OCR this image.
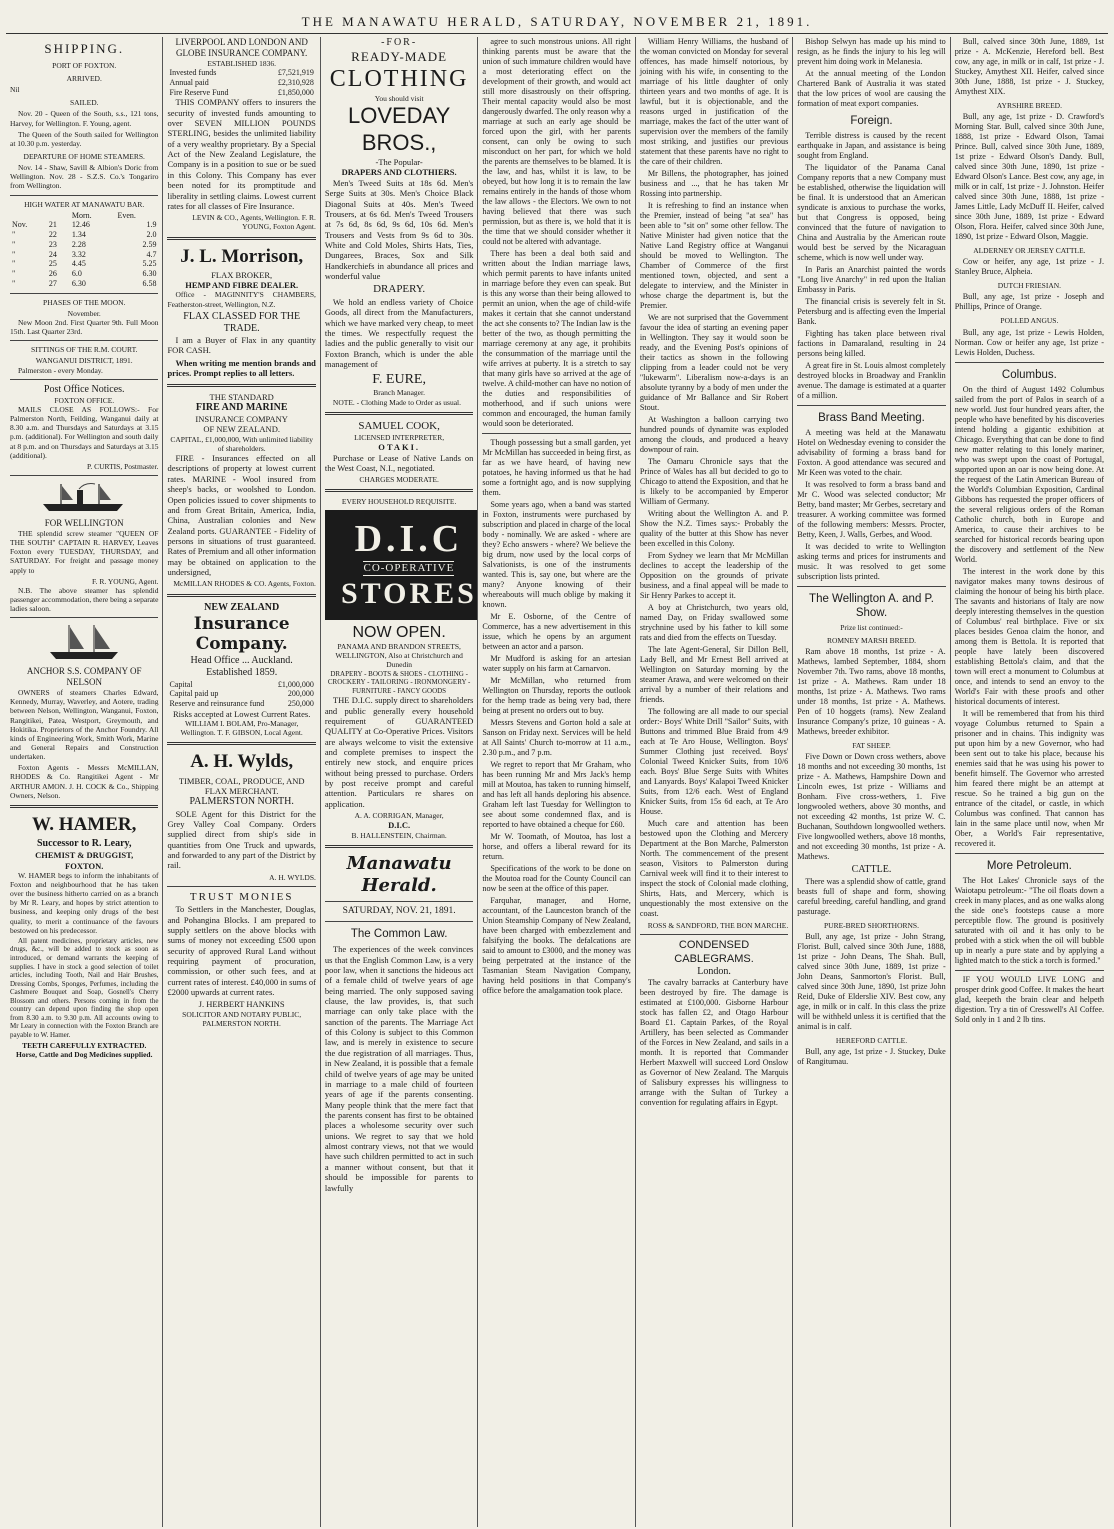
THE MANAWATU HERALD, SATURDAY, NOVEMBER 21, 1891.
SHIPPING.
PORT OF FOXTON.
ARRIVED.
Nil
SAILED.

Nov. 20 - Queen of the South, s.s., 121 tons, Harvey, for Wellington. F. Young, agent.

The Queen of the South sailed for Wellington at 10.30 p.m. yesterday.

DEPARTURE OF HOME STEAMERS.

Nov. 14 - Shaw, Savill & Albion's Doric from Wellington. Nov. 28 - S.Z.S. Co.'s Tongariro from Wellington.

HIGH WATER AT MANAWATU BAR.
		Morn.	Even.
Nov.	21	12.46	1.9
"	22	1.34	2.0
"	23	2.28	2.59
"	24	3.32	4.7
"	25	4.45	5.25
"	26	6.0	6.30
"	27	6.30	6.58
PHASES OF THE MOON.
November.

New Moon 2nd. First Quarter 9th. Full Moon 15th. Last Quarter 23rd.

SITTINGS OF THE R.M. COURT.
WANGANUI DISTRICT, 1891.

Palmerston - every Monday.

Post Office Notices.
FOXTON OFFICE.

MAILS CLOSE AS FOLLOWS:- For Palmerston North, Feilding, Wanganui daily at 8.30 a.m. and Thursdays and Saturdays at 3.15 p.m. (additional). For Wellington and south daily at 8 p.m. and on Thursdays and Saturdays at 3.15 (additional).

P. CURTIS, Postmaster.
FOR WELLINGTON

THE splendid screw steamer "QUEEN OF THE SOUTH" CAPTAIN R. HARVEY, Leaves Foxton every TUESDAY, THURSDAY, and SATURDAY. For freight and passage money apply to

F. R. YOUNG, Agent.

N.B. The above steamer has splendid passenger accommodation, there being a separate ladies saloon.

ANCHOR S.S. COMPANY OF NELSON

OWNERS of steamers Charles Edward, Kennedy, Murray, Waverley, and Aotere, trading between Nelson, Wellington, Wanganui, Foxton, Rangitikei, Patea, Westport, Greymouth, and Hokitika. Proprietors of the Anchor Foundry. All kinds of Engineering Work, Smith Work, Marine and General Repairs and Construction undertaken.

Foxton Agents - Messrs McMILLAN, RHODES & Co. Rangitikei Agent - Mr ARTHUR AMON. J. H. COCK & Co., Shipping Owners, Nelson.

W. HAMER,
Successor to R. Leary,
CHEMIST & DRUGGIST,
FOXTON.

W. HAMER begs to inform the inhabitants of Foxton and neighbourhood that he has taken over the business hitherto carried on as a branch by Mr R. Leary, and hopes by strict attention to business, and keeping only drugs of the best quality, to merit a continuance of the favours bestowed on his predecessor.

All patent medicines, proprietary articles, new drugs, &c., will be added to stock as soon as introduced, or demand warrants the keeping of supplies. I have in stock a good selection of toilet articles, including Tooth, Nail and Hair Brushes, Dressing Combs, Sponges, Perfumes, including the Cashmere Bouquet and Soap, Gosnell's Cherry Blossom and others. Persons coming in from the country can depend upon finding the shop open from 8.30 a.m. to 9.30 p.m. All accounts owing to Mr Leary in connection with the Foxton Branch are payable to W. Hamer.

TEETH CAREFULLY EXTRACTED.
Horse, Cattle and Dog Medicines supplied.
LIVERPOOL AND LONDON AND GLOBE INSURANCE COMPANY.
ESTABLISHED 1836.
Invested funds	£7,521,919
Annual paid	£2,310,928
Fire Reserve Fund	£1,850,000

THIS COMPANY offers to insurers the security of invested funds amounting to over SEVEN MILLION POUNDS STERLING, besides the unlimited liability of a very wealthy proprietary. By a Special Act of the New Zealand Legislature, the Company is in a position to sue or be sued in this Colony. This Company has ever been noted for its promptitude and liberality in settling claims. Lowest current rates for all classes of Fire Insurance.

LEVIN & CO., Agents, Wellington. F. R. YOUNG, Foxton Agent.
J. L. Morrison,
FLAX BROKER,
HEMP AND FIBRE DEALER.

Office - MAGINNITY'S CHAMBERS, Featherston-street, Wellington, N.Z.

FLAX CLASSED FOR THE TRADE.

I am a Buyer of Flax in any quantity FOR CASH.

When writing me mention brands and prices. Prompt replies to all letters.

THE STANDARD
FIRE AND MARINE
INSURANCE COMPANY
OF NEW ZEALAND.
CAPITAL, £1,000,000, With unlimited liability of shareholders.

FIRE - Insurances effected on all descriptions of property at lowest current rates. MARINE - Wool insured from sheep's backs, or woolshed to London. Open policies issued to cover shipments to and from Great Britain, America, India, China, Australian colonies and New Zealand ports. GUARANTEE - Fidelity of persons in situations of trust guaranteed. Rates of Premium and all other information may be obtained on application to the undersigned,

McMILLAN RHODES & CO. Agents, Foxton.
NEW ZEALAND
Insurance Company.
Head Office ... Auckland.
Established 1859.
Capital	£1,000,000
Capital paid up	200,000
Reserve and reinsurance fund	250,000
Risks accepted at Lowest Current Rates.
WILLIAM I. BOLAM, Pro-Manager, Wellington. T. F. GIBSON, Local Agent.
A. H. Wylds,
TIMBER, COAL, PRODUCE, AND FLAX MERCHANT.
PALMERSTON NORTH.

SOLE Agent for this District for the Grey Valley Coal Company. Orders supplied direct from ship's side in quantities from One Truck and upwards, and forwarded to any part of the District by rail.

A. H. WYLDS.
TRUST MONIES

To Settlers in the Manchester, Douglas, and Pohangina Blocks. I am prepared to supply settlers on the above blocks with sums of money not exceeding £500 upon security of approved Rural Land without requiring payment of procuration, commission, or other such fees, and at current rates of interest. £40,000 in sums of £2000 upwards at current rates.

J. HERBERT HANKINS
SOLICITOR AND NOTARY PUBLIC,
PALMERSTON NORTH.
-FOR-
READY-MADE
CLOTHING
You should visit
LOVEDAY BROS.,
-The Popular-
DRAPERS AND CLOTHIERS.

Men's Tweed Suits at 18s 6d. Men's Serge Suits at 30s. Men's Choice Black Diagonal Suits at 40s. Men's Tweed Trousers, at 6s 6d. Men's Tweed Trousers at 7s 6d, 8s 6d, 9s 6d, 10s 6d. Men's Trousers and Vests from 9s 6d to 30s. White and Cold Moles, Shirts Hats, Ties, Dungarees, Braces, Sox and Silk Handkerchiefs in abundance all prices and wonderful value

DRAPERY.

We hold an endless variety of Choice Goods, all direct from the Manufacturers, which we have marked very cheap, to meet the times. We respectfully request the ladies and the public generally to visit our Foxton Branch, which is under the able management of

F. EURE,
Branch Manager.

NOTE. - Clothing Made to Order as usual.

SAMUEL COOK,
LICENSED INTERPRETER,
OTAKI.

Purchase or Lease of Native Lands on the West Coast, N.I., negotiated.

CHARGES MODERATE.
EVERY HOUSEHOLD REQUISITE.
D.I.C
CO-OPERATIVE
STORES
NOW OPEN.
PANAMA AND BRANDON STREETS, WELLINGTON, Also at Christchurch and Dunedin
DRAPERY - BOOTS & SHOES - CLOTHING - CROCKERY - TAILORING - IRONMONGERY - FURNITURE - FANCY GOODS

THE D.I.C. supply direct to shareholders and public generally every household requirement of GUARANTEED QUALITY at Co-Operative Prices. Visitors are always welcome to visit the extensive and complete premises to inspect the entirely new stock, and enquire prices without being pressed to purchase. Orders by post receive prompt and careful attention. Particulars re shares on application.

A. A. CORRIGAN, Manager,
D.I.C.
B. HALLENSTEIN, Chairman.
Manawatu Herald.
SATURDAY, NOV. 21, 1891.
The Common Law.

The experiences of the week convinces us that the English Common Law, is a very poor law, when it sanctions the hideous act of a female child of twelve years of age being married. The only supposed saving clause, the law provides, is, that such marriage can only take place with the sanction of the parents. The Marriage Act of this Colony is subject to this Common law, and is merely in existence to secure the due registration of all marriages. Thus, in New Zealand, it is possible that a female child of twelve years of age may be united in marriage to a male child of fourteen years of age if the parents consenting. Many people think that the mere fact that the parents consent has first to be obtained places a wholesome security over such unions. We regret to say that we hold almost contrary views, not that we would have such children permitted to act in such a manner without consent, but that it should be impossible for parents to lawfully

agree to such monstrous unions. All right thinking parents must be aware that the union of such immature children would have a most deteriorating effect on the development of their growth, and would act still more disastrously on their offspring. Their mental capacity would also be most dangerously dwarfed. The only reason why a marriage at such an early age should be forced upon the girl, with her parents consent, can only be owing to such misconduct on her part, for which we hold the parents are themselves to be blamed. It is the law, and has, whilst it is law, to be obeyed, but how long it is to remain the law remains entirely in the hands of those whom the law allows - the Electors. We own to not having believed that there was such permission, but as there is, we hold that it is the time that we should consider whether it could not be altered with advantage.

There has been a deal both said and written about the Indian marriage laws, which permit parents to have infants united in marriage before they even can speak. But is this any worse than their being allowed to permit an union, when the age of child-wife makes it certain that she cannot understand the act she consents to? The Indian law is the better of the two, as though permitting the marriage ceremony at any age, it prohibits the consummation of the marriage until the wife arrives at puberty. It is a stretch to say that many girls have so arrived at the age of twelve. A child-mother can have no notion of the duties and responsibilities of motherhood, and if such unions were common and encouraged, the human family would soon be deteriorated.

Though possessing but a small garden, yet Mr McMillan has succeeded in being first, as far as we have heard, of having new potatoes, he having informed us that he had some a fortnight ago, and is now supplying them.

Some years ago, when a band was started in Foxton, instruments were purchased by subscription and placed in charge of the local body - nominally. We are asked - where are they? Echo answers - where? We believe the big drum, now used by the local corps of Salvationists, is one of the instruments wanted. This is, say one, but where are the many? Anyone knowing of their whereabouts will much oblige by making it known.

Mr E. Osborne, of the Centre of Commerce, has a new advertisement in this issue, which he opens by an argument between an actor and a parson.

Mr Mudford is asking for an artesian water supply on his farm at Carnarvon.

Mr McMillan, who returned from Wellington on Thursday, reports the outlook for the hemp trade as being very bad, there being at present no orders out to buy.

Messrs Stevens and Gorton hold a sale at Sanson on Friday next. Services will be held at All Saints' Church to-morrow at 11 a.m., 2.30 p.m., and 7 p.m.

We regret to report that Mr Graham, who has been running Mr and Mrs Jack's hemp mill at Moutoa, has taken to running himself, and has left all hands deploring his absence. Graham left last Tuesday for Wellington to see about some condemned flax, and is reported to have obtained a cheque for £60.

Mr W. Toomath, of Moutoa, has lost a horse, and offers a liberal reward for its return.

Specifications of the work to be done on the Moutoa road for the County Council can now be seen at the office of this paper.

Farquhar, manager, and Horne, accountant, of the Launceston branch of the Union Steamship Company of New Zealand, have been charged with embezzlement and falsifying the books. The defalcations are said to amount to £3000, and the money was being perpetrated at the instance of the Tasmanian Steam Navigation Company, having held positions in that Company's office before the amalgamation took place.

William Henry Williams, the husband of the woman convicted on Monday for several offences, has made himself notorious, by joining with his wife, in consenting to the marriage of his little daughter of only thirteen years and two months of age. It is lawful, but it is objectionable, and the reasons urged in justification of the marriage, makes the fact of the utter want of supervision over the members of the family most striking, and justifies our previous statement that these parents have no right to the care of their children.

Mr Billens, the photographer, has joined business and ..., that he has taken Mr Rossing into partnership.

It is refreshing to find an instance when the Premier, instead of being "at sea" has been able to "sit on" some other fellow. The Native Minister had given notice that the Native Land Registry office at Wanganui should be moved to Wellington. The Chamber of Commerce of the first mentioned town, objected, and sent a delegate to interview, and the Minister in whose charge the department is, but the Premier.

We are not surprised that the Government favour the idea of starting an evening paper in Wellington. They say it would soon be ready, and the Evening Post's opinions of their tactics as shown in the following clipping from a leader could not be very "lukewarm". Liberalism now-a-days is an absolute tyranny by a body of men under the guidance of Mr Ballance and Sir Robert Stout.

At Washington a balloon carrying two hundred pounds of dynamite was exploded among the clouds, and produced a heavy downpour of rain.

The Oamaru Chronicle says that the Prince of Wales has all but decided to go to Chicago to attend the Exposition, and that he is likely to be accompanied by Emperor William of Germany.

Writing about the Wellington A. and P. Show the N.Z. Times says:- Probably the quality of the butter at this Show has never been excelled in this Colony.

From Sydney we learn that Mr McMillan declines to accept the leadership of the Opposition on the grounds of private business, and a final appeal will be made to Sir Henry Parkes to accept it.

A boy at Christchurch, two years old, named Day, on Friday swallowed some strychnine used by his father to kill some rats and died from the effects on Tuesday.

The late Agent-General, Sir Dillon Bell, Lady Bell, and Mr Ernest Bell arrived at Wellington on Saturday morning by the steamer Arawa, and were welcomed on their arrival by a number of their relations and friends.

The following are all made to our special order:- Boys' White Drill "Sailor" Suits, with Buttons and trimmed Blue Braid from 4/9 each at Te Aro House, Wellington. Boys' Summer Clothing just received. Boys' Colonial Tweed Knicker Suits, from 10/6 each. Boys' Blue Serge Suits with Whites and Lanyards. Boys' Kalapoi Tweed Knicker Suits, from 12/6 each. West of England Knicker Suits, from 15s 6d each, at Te Aro House.

Much care and attention has been bestowed upon the Clothing and Mercery Department at the Bon Marche, Palmerston North. The commencement of the present season, Visitors to Palmerston during Carnival week will find it to their interest to inspect the stock of Colonial made clothing, Shirts, Hats, and Mercery, which is unquestionably the most extensive on the coast.

ROSS & SANDFORD, THE BON MARCHE.
CONDENSED CABLEGRAMS.
London.

The cavalry barracks at Canterbury have been destroyed by fire. The damage is estimated at £100,000. Gisborne Harbour stock has fallen £2, and Otago Harbour Board £1. Captain Parkes, of the Royal Artillery, has been selected as Commander of the Forces in New Zealand, and sails in a month. It is reported that Commander Herbert Maxwell will succeed Lord Onslow as Governor of New Zealand. The Marquis of Salisbury expresses his willingness to arrange with the Sultan of Turkey a convention for regulating affairs in Egypt.

Bishop Selwyn has made up his mind to resign, as he finds the injury to his leg will prevent him doing work in Melanesia.

At the annual meeting of the London Chartered Bank of Australia it was stated that the low prices of wool are causing the formation of meat export companies.

Foreign.

Terrible distress is caused by the recent earthquake in Japan, and assistance is being sought from England.

The liquidator of the Panama Canal Company reports that a new Company must be established, otherwise the liquidation will be final. It is understood that an American syndicate is anxious to purchase the works, but that Congress is opposed, being convinced that the future of navigation to China and Australia by the American route would best be served by the Nicaraguan scheme, which is now well under way.

In Paris an Anarchist painted the words "Long live Anarchy" in red upon the Italian Embassy in Paris.

The financial crisis is severely felt in St. Petersburg and is affecting even the Imperial Bank.

Fighting has taken place between rival factions in Damaraland, resulting in 24 persons being killed.

A great fire in St. Louis almost completely destroyed blocks in Broadway and Franklin avenue. The damage is estimated at a quarter of a million.

Brass Band Meeting.

A meeting was held at the Manawatu Hotel on Wednesday evening to consider the advisability of forming a brass band for Foxton. A good attendance was secured and Mr Keen was voted to the chair.

It was resolved to form a brass band and Mr C. Wood was selected conductor; Mr Betty, band master; Mr Gerbes, secretary and treasurer. A working committee was formed of the following members: Messrs. Procter, Betty, Keen, J. Walls, Gerbes, and Wood.

It was decided to write to Wellington asking terms and prices for instruments and music. It was resolved to get some subscription lists printed.

The Wellington A. and P. Show.
Prize list continued:-
ROMNEY MARSH BREED.

Ram above 18 months, 1st prize - A. Mathews, lambed September, 1884, shorn November 7th. Two rams, above 18 months, 1st prize - A. Mathews. Ram under 18 months, 1st prize - A. Mathews. Two rams under 18 months, 1st prize - A. Mathews. Pen of 10 hoggets (rams). New Zealand Insurance Company's prize, 10 guineas - A. Mathews, breeder exhibitor.

FAT SHEEP.

Five Down or Down cross wethers, above 18 months and not exceeding 30 months, 1st prize - A. Mathews, Hampshire Down and Lincoln ewes, 1st prize - Williams and Bonham. Five cross-wethers, 1. Five longwooled wethers, above 30 months, and not exceeding 42 months, 1st prize W. C. Buchanan, Southdown longwoolled wethers. Five longwoolled wethers, above 18 months, and not exceeding 30 months, 1st prize - A. Mathews.

CATTLE.

There was a splendid show of cattle, grand beasts full of shape and form, showing careful breeding, careful handling, and grand pasturage.

PURE-BRED SHORTHORNS.

Bull, any age, 1st prize - John Strang, Florist. Bull, calved since 30th June, 1888, 1st prize - John Deans, The Shah. Bull, calved since 30th June, 1889, 1st prize - John Deans, Sanmorton's Florist. Bull, calved since 30th June, 1890, 1st prize John Reid, Duke of Elderslie XIV. Best cow, any age, in milk or in calf. In this class the prize will be withheld unless it is certified that the animal is in calf.

HEREFORD CATTLE.

Bull, any age, 1st prize - J. Stuckey, Duke of Rangitumau.

Bull, calved since 30th June, 1889, 1st prize - A. McKenzie, Hereford bell. Best cow, any age, in milk or in calf, 1st prize - J. Stuckey, Amythest XII. Heifer, calved since 30th June, 1888, 1st prize - J. Stuckey, Amythest XIX.

AYRSHIRE BREED.

Bull, any age, 1st prize - D. Crawford's Morning Star. Bull, calved since 30th June, 1888, 1st prize - Edward Olson, Tamai Prince. Bull, calved since 30th June, 1889, 1st prize - Edward Olson's Dandy. Bull, calved since 30th June, 1890, 1st prize - Edward Olson's Lance. Best cow, any age, in milk or in calf, 1st prize - J. Johnston. Heifer calved since 30th June, 1888, 1st prize - James Little, Lady McDuff II. Heifer, calved since 30th June, 1889, 1st prize - Edward Olson, Flora. Heifer, calved since 30th June, 1890, 1st prize - Edward Olson, Maggie.

ALDERNEY OR JERSEY CATTLE.

Cow or heifer, any age, 1st prize - J. Stanley Bruce, Alpheia.

DUTCH FRIESIAN.

Bull, any age, 1st prize - Joseph and Phillips, Prince of Orange.

POLLED ANGUS.

Bull, any age, 1st prize - Lewis Holden, Norman. Cow or heifer any age, 1st prize - Lewis Holden, Duchess.

Columbus.

On the third of August 1492 Columbus sailed from the port of Palos in search of a new world. Just four hundred years after, the people who have benefited by his discoveries intend holding a gigantic exhibition at Chicago. Everything that can be done to find new matter relating to this lonely mariner, who was swept upon the coast of Portugal, supported upon an oar is now being done. At the request of the Latin American Bureau of the World's Columbian Exposition, Cardinal Gibbons has requested the proper officers of the several religious orders of the Roman Catholic church, both in Europe and America, to cause their archives to be searched for historical records bearing upon the discovery and settlement of the New World.

The interest in the work done by this navigator makes many towns desirous of claiming the honour of being his birth place. The savants and historians of Italy are now deeply interesting themselves in the question of Columbus' real birthplace. Five or six places besides Genoa claim the honor, and among them is Bettola. It is reported that people have lately been discovered establishing Bettola's claim, and that the town will erect a monument to Columbus at once, and intends to send an envoy to the World's Fair with these proofs and other historical documents of interest.

It will be remembered that from his third voyage Columbus returned to Spain a prisoner and in chains. This indignity was put upon him by a new Governor, who had been sent out to take his place, because his enemies said that he was using his power to benefit himself. The Governor who arrested him feared there might be an attempt at rescue. So he trained a big gun on the entrance of the citadel, or castle, in which Columbus was confined. That cannon has lain in the same place until now, when Mr Ober, a World's Fair representative, recovered it.

More Petroleum.

The Hot Lakes' Chronicle says of the Waiotapu petroleum:- "The oil floats down a creek in many places, and as one walks along the side one's footsteps cause a more perceptible flow. The ground is positively saturated with oil and it has only to be probed with a stick when the oil will bubble up in nearly a pure state and by applying a lighted match to the stick a torch is formed."

IF YOU WOULD LIVE LONG and prosper drink good Coffee. It makes the heart glad, keepeth the brain clear and helpeth digestion. Try a tin of Cresswell's AI Coffee. Sold only in 1 and 2 lb tins.
